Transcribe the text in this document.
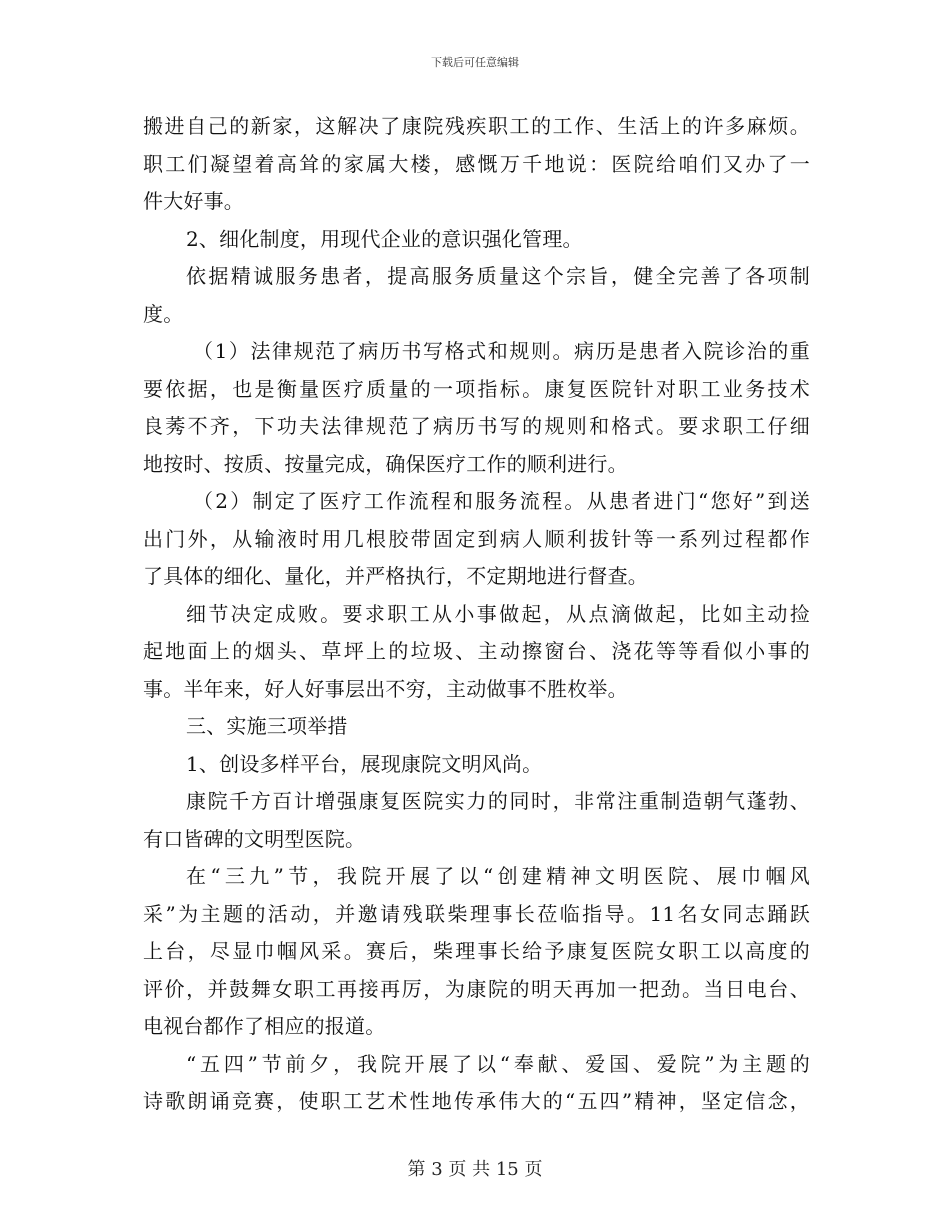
下载后可任意编辑
搬进自己的新家，这解决了康院残疾职工的工作、生活上的许多麻烦。
职工们凝望着高耸的家属大楼，感慨万千地说：医院给咱们又办了一
件大好事。
2、细化制度，用现代企业的意识强化管理。
依据精诚服务患者，提高服务质量这个宗旨，健全完善了各项制
度。
（1）法律规范了病历书写格式和规则。病历是患者入院诊治的重
要依据，也是衡量医疗质量的一项指标。康复医院针对职工业务技术
良莠不齐，下功夫法律规范了病历书写的规则和格式。要求职工仔细
地按时、按质、按量完成，确保医疗工作的顺利进行。
（2）制定了医疗工作流程和服务流程。从患者进门“您好”到送
出门外，从输液时用几根胶带固定到病人顺利拔针等一系列过程都作
了具体的细化、量化，并严格执行，不定期地进行督查。
细节决定成败。要求职工从小事做起，从点滴做起，比如主动捡
起地面上的烟头、草坪上的垃圾、主动擦窗台、浇花等等看似小事的
事。半年来，好人好事层出不穷，主动做事不胜枚举。
三、实施三项举措
1、创设多样平台，展现康院文明风尚。
康院千方百计增强康复医院实力的同时，非常注重制造朝气蓬勃、
有口皆碑的文明型医院。
在“三九”节，我院开展了以“创建精神文明医院、展巾帼风
采”为主题的活动，并邀请残联柴理事长莅临指导。11名女同志踊跃
上台，尽显巾帼风采。赛后，柴理事长给予康复医院女职工以高度的
评价，并鼓舞女职工再接再厉，为康院的明天再加一把劲。当日电台、
电视台都作了相应的报道。
“五四”节前夕，我院开展了以“奉献、爱国、爱院”为主题的
诗歌朗诵竞赛，使职工艺术性地传承伟大的“五四”精神，坚定信念，
第 3 页 共 15 页
